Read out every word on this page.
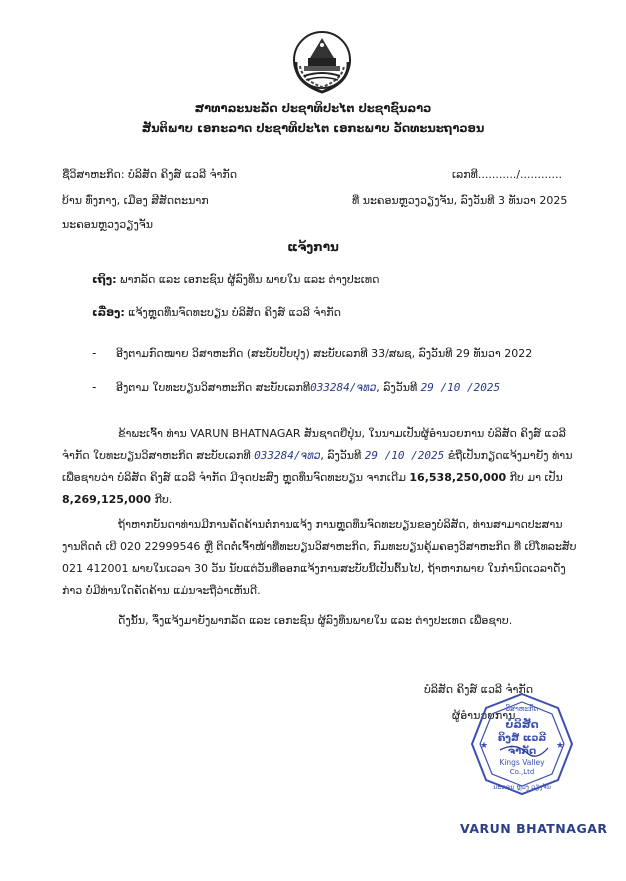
ສາທາລະນະລັດ ປະຊາທິປະໄຕ ປະຊາຊົນລາວ
ສັນຕິພາບ ເອກະລາດ ປະຊາທິປະໄຕ ເອກະພາບ ວັດທະນະຖາວອນ
ຊື່ວິສາຫະກິດ: ບໍລິສັດ ຄິງສ໌ ແວລີ ຈຳກັດ
ບ້ານ ທົ່ງກາງ, ເມືອງ ສີສັດຕະນາກ
ນະຄອນຫຼວງວຽງຈັນ
ເລກທີ.........../............
ທີ່ ນະຄອນຫຼວງວຽງຈັນ, ລົງວັນທີ 3 ທັນວາ 2025
ແຈ້ງການ
ເຖິງ: ພາກລັດ ແລະ ເອກະຊົນ ຜູ້ລົງທຶນ ພາຍໃນ ແລະ ຕ່າງປະເທດ
ເລື່ອງ: ແຈ້ງຫຼຸດທຶນຈົດທະບຽນ ບໍລິສັດ ຄິງສ໌ ແວລີ ຈຳກັດ
- ອີງຕາມກົດໝາຍ ວິສາຫະກິດ (ສະບັບປັບປຸງ) ສະບັບເລກທີ 33/ສພຊ, ລົງວັນທີ 29 ທັນວາ 2022
- ອີງຕາມ ໃບທະບຽນວິສາຫະກິດ ສະບັບເລກທີ033284/ຈທວ, ລົງວັນທີ 29 /10 /2025
ຂ້າພະເຈົ້າ ທ່ານ VARUN BHATNAGAR ສັນຊາດຍີ່ປຸ່ນ, ໃນນາມເປັນຜູ້ອຳນວຍການ ບໍລິສັດ ຄິງສ໌ ແວລີ ຈຳກັດ ໃບທະບຽນວິສາຫະກິດ ສະບັບເລກທີ 033284/ຈທວ, ລົງວັນທີ 29 /10 /2025 ຂໍຖືເປັນກຽດແຈ້ງມາຍັງ ທ່ານເພື່ອຊາບວ່າ ບໍລິສັດ ຄິງສ໌ ແວລີ ຈຳກັດ ມີຈຸດປະສົງ ຫຼຸດທຶນຈົດທະບຽນ ຈາກເດີມ 16,538,250,000 ກີບ ມາ ເປັນ 8,269,125,000 ກີບ.
ຖ້າຫາກບັນດາທ່ານມີການຄັດຄ້ານຕໍ່ການແຈ້ງ ການຫຼຸດທຶນຈົດທະບຽນຂອງບໍລິສັດ, ທ່ານສາມາດປະສານງານຕິດຕໍ່ ເບີ 020 22999546 ຫຼື ຕິດຕໍ່ເຈົ້າໜ້າທີ່ທະບຽນວິສາຫະກິດ, ກົມທະບຽນຄຸ້ມຄອງວິສາຫະກິດ ທີ່ ເບີໂທລະສັບ 021 412001 ພາຍໃນເວລາ 30 ວັນ ນັບແຕ່ວັນທີ່ອອກແຈ້ງການສະບັບນີ້ເປັນຕົ້ນໄປ, ຖ້າຫາກພາຍ ໃນກຳນົດເວລາດັ່ງກ່າວ ບໍ່ມີທ່ານໃດຄັດຄ້ານ ແມ່ນຈະຖືວ່າເຫັນດີ.
ດັ່ງນັ້ນ, ຈຶ່ງແຈ້ງມາຍັງພາກລັດ ແລະ ເອກະຊົນ ຜູ້ລົງທຶນພາຍໃນ ແລະ ຕ່າງປະເທດ ເພື່ອຊາບ.
ບໍລິສັດ ຄິງສ໌ ແວລີ ຈຳກັດ
ຜູ້ອຳນວຍການ
ວິສາຫະກິດ
ບໍລິສັດ
ຄິງສ໌ ແວລີ
ຈຳກັດ
Kings Valley
Co.,Ltd
ນະຄອນ ຫຼວງ ວຽງຈັນ
★	★
VARUN BHATNAGAR
